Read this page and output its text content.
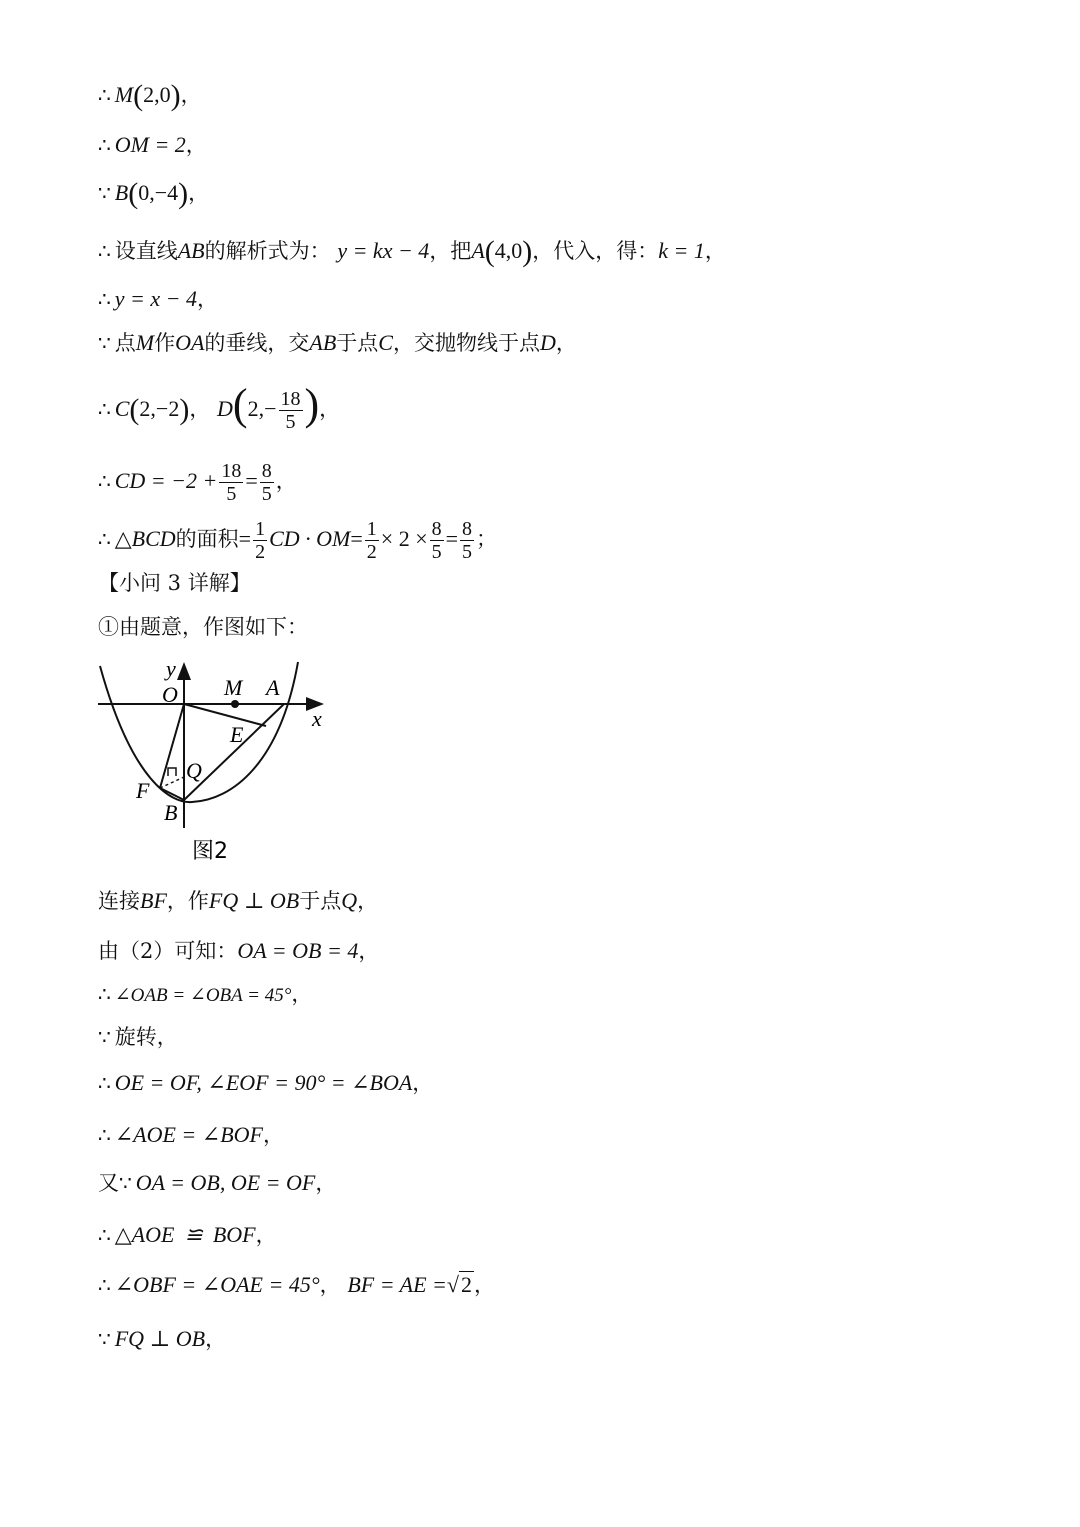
∴ M(2,0)，
∴ OM = 2，
∵ B(0,−4)，
∴ 设直线AB的解析式为： y = kx − 4，把A(4,0)，代入，得：k = 1，
∴ y = x − 4，
∵ 点M作OA的垂线，交AB于点C，交抛物线于点D，
∴ C(2,−2)， $D(2,- \frac{18}{5}$ )，
∴ CD = $-2 + \frac{18}{5} = \frac{8}{5}$ ，
∴ △BCD的面积= $\frac{1}{2}$ CD · $OM= \frac{1}{2} \times 2 \times \frac{8}{5} = \frac{8}{5}$ ；
【小问 3 详解】
①由题意，作图如下：
y
x
O M A
E
Q
F
B
图2
连接BF，作FQ ⊥ OB于点Q，
由（2）可知：OA = OB = 4，
∴ ∠OAB = ∠OBA = 45°，
∵ 旋转，
∴ OE = OF, ∠EOF = 90° = ∠BOA，
∴ ∠AOE = ∠BOF，
又∵ OA = OB, OE = OF，
∴ △AOE ≌ BOF，
∴ ∠OBF = ∠OAE = 45°， BF = AE =√2，
∵ FQ ⊥ OB，
